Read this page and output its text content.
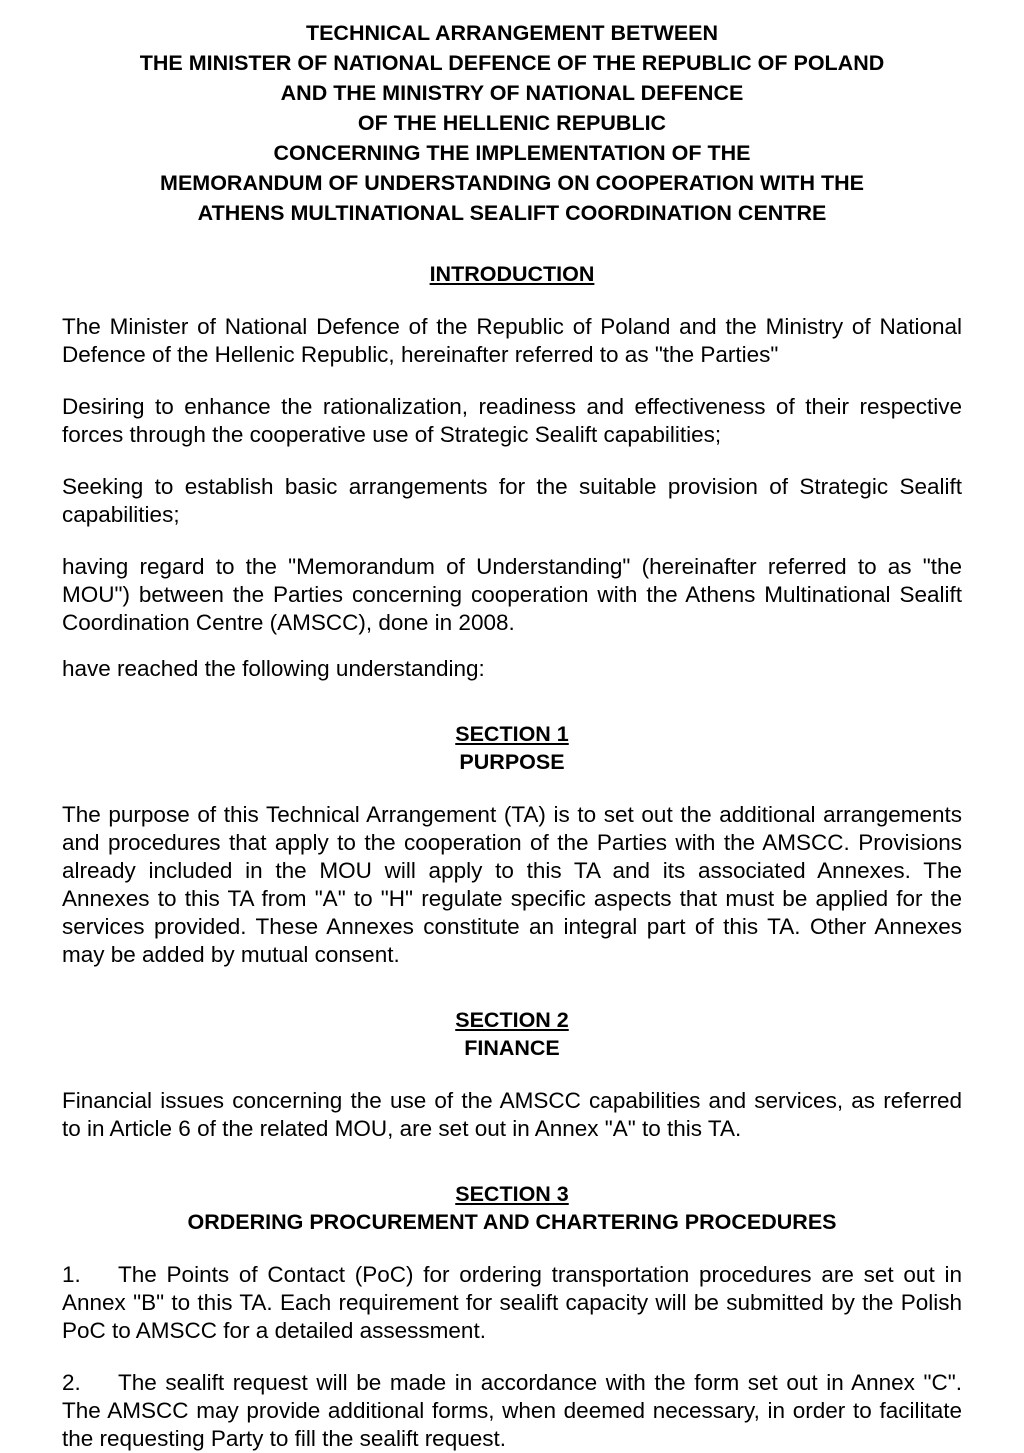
TECHNICAL ARRANGEMENT BETWEEN
THE MINISTER OF NATIONAL DEFENCE OF THE REPUBLIC OF POLAND
AND THE MINISTRY OF NATIONAL DEFENCE
OF THE HELLENIC REPUBLIC
CONCERNING THE IMPLEMENTATION OF THE
MEMORANDUM OF UNDERSTANDING ON COOPERATION WITH THE
ATHENS MULTINATIONAL SEALIFT COORDINATION CENTRE
INTRODUCTION

The Minister of National Defence of the Republic of Poland and the Ministry of National Defence of the Hellenic Republic, hereinafter referred to as "the Parties"

Desiring to enhance the rationalization, readiness and effectiveness of their respective forces through the cooperative use of Strategic Sealift capabilities;

Seeking to establish basic arrangements for the suitable provision of Strategic Sealift capabilities;

having regard to the "Memorandum of Understanding" (hereinafter referred to as "the MOU") between the Parties concerning cooperation with the Athens Multinational Sealift Coordination Centre (AMSCC), done in 2008.

have reached the following understanding:

SECTION 1
PURPOSE

The purpose of this Technical Arrangement (TA) is to set out the additional arrangements and procedures that apply to the cooperation of the Parties with the AMSCC. Provisions already included in the MOU will apply to this TA and its associated Annexes. The Annexes to this TA from "A" to "H" regulate specific aspects that must be applied for the services provided. These Annexes constitute an integral part of this TA. Other Annexes may be added by mutual consent.

SECTION 2
FINANCE

Financial issues concerning the use of the AMSCC capabilities and services, as referred to in Article 6 of the related MOU, are set out in Annex "A" to this TA.

SECTION 3
ORDERING PROCUREMENT AND CHARTERING PROCEDURES

1. The Points of Contact (PoC) for ordering transportation procedures are set out in Annex "B" to this TA. Each requirement for sealift capacity will be submitted by the Polish PoC to AMSCC for a detailed assessment.

2. The sealift request will be made in accordance with the form set out in Annex "C". The AMSCC may provide additional forms, when deemed necessary, in order to facilitate the requesting Party to fill the sealift request.
